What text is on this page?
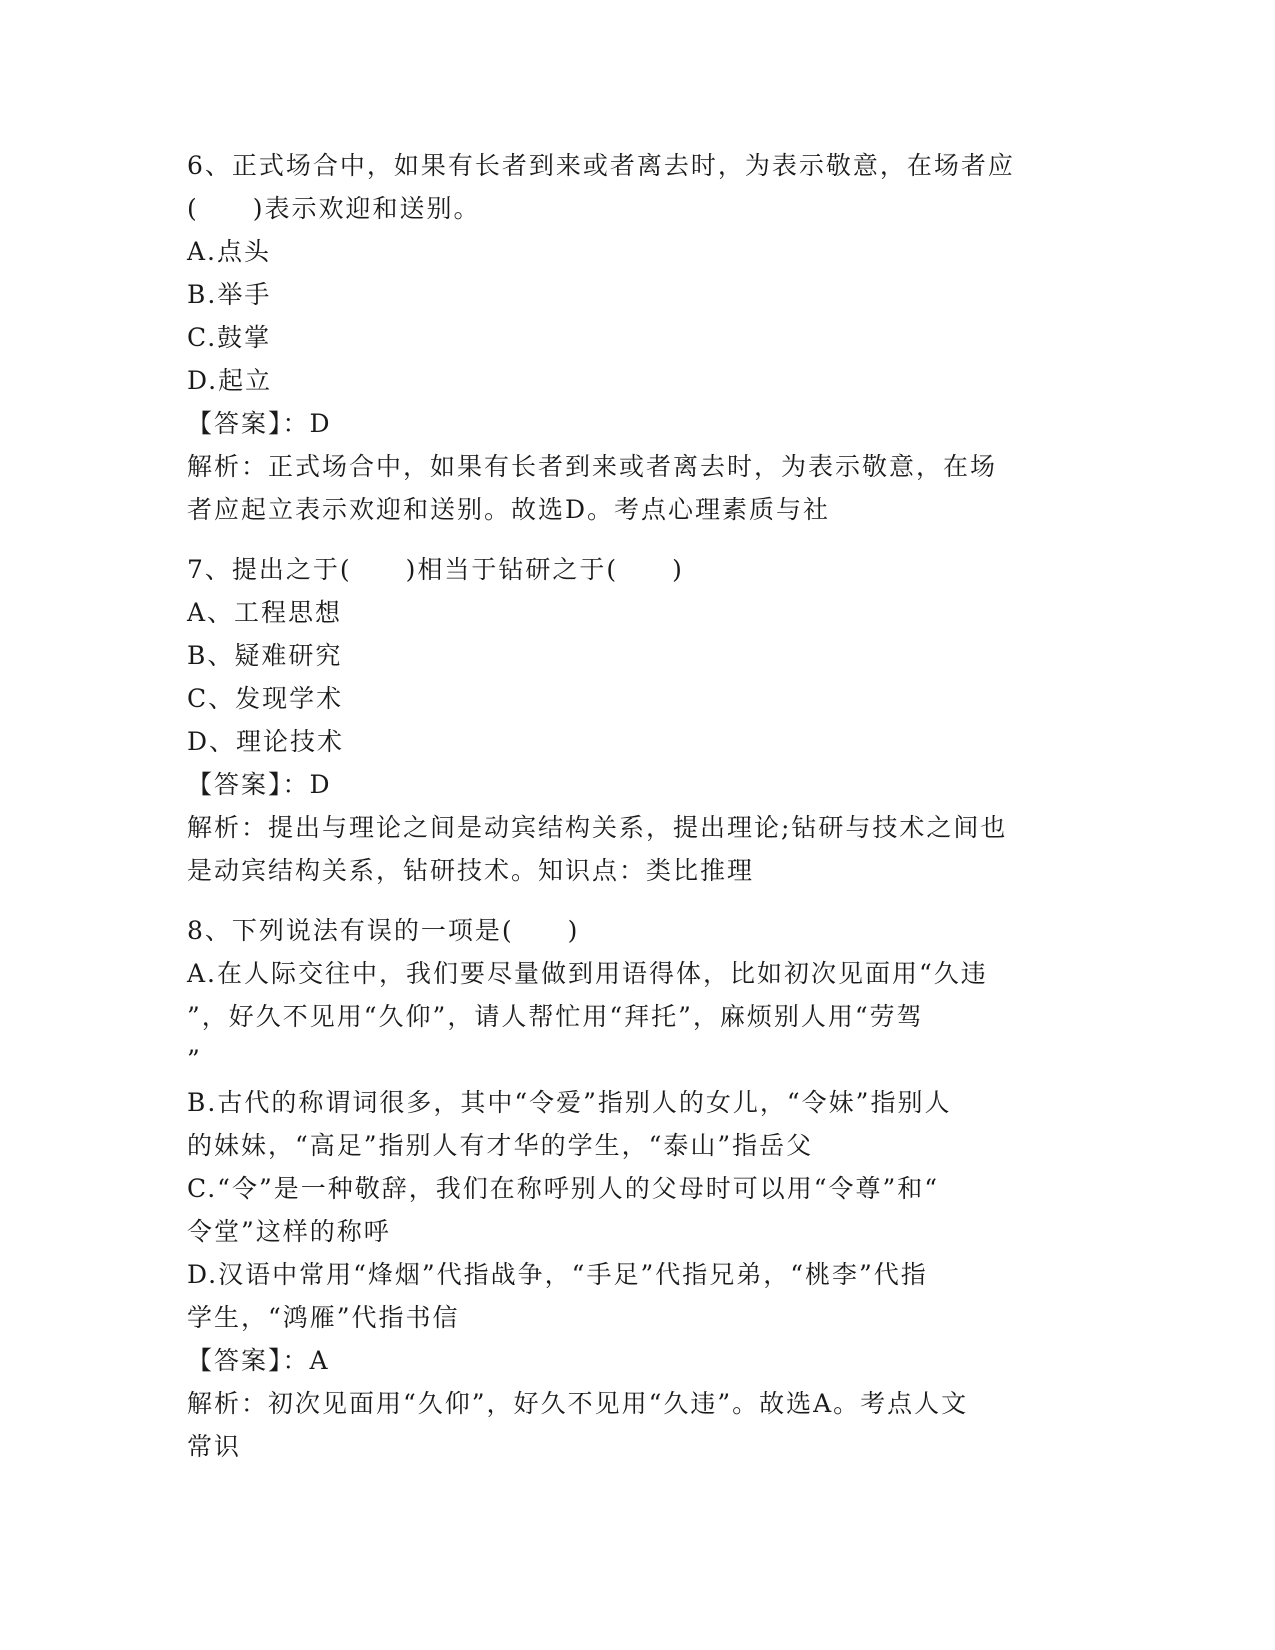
6、正式场合中，如果有长者到来或者离去时，为表示敬意，在场者应
(　　)表示欢迎和送别。
A.点头
B.举手
C.鼓掌
D.起立
【答案】：D
解析：正式场合中，如果有长者到来或者离去时，为表示敬意，在场
者应起立表示欢迎和送别。故选D。考点心理素质与社
7、提出之于(　　)相当于钻研之于(　　)
A、工程思想
B、疑难研究
C、发现学术
D、理论技术
【答案】：D
解析：提出与理论之间是动宾结构关系，提出理论;钻研与技术之间也
是动宾结构关系，钻研技术。知识点：类比推理
8、下列说法有误的一项是(　　)
A.在人际交往中，我们要尽量做到用语得体，比如初次见面用“久违
”，好久不见用“久仰”，请人帮忙用“拜托”，麻烦别人用“劳驾
”
B.古代的称谓词很多，其中“令爱”指别人的女儿，“令妹”指别人
的妹妹，“高足”指别人有才华的学生，“泰山”指岳父
C.“令”是一种敬辞，我们在称呼别人的父母时可以用“令尊”和“
令堂”这样的称呼
D.汉语中常用“烽烟”代指战争，“手足”代指兄弟，“桃李”代指
学生，“鸿雁”代指书信
【答案】：A
解析：初次见面用“久仰”，好久不见用“久违”。故选A。考点人文
常识
